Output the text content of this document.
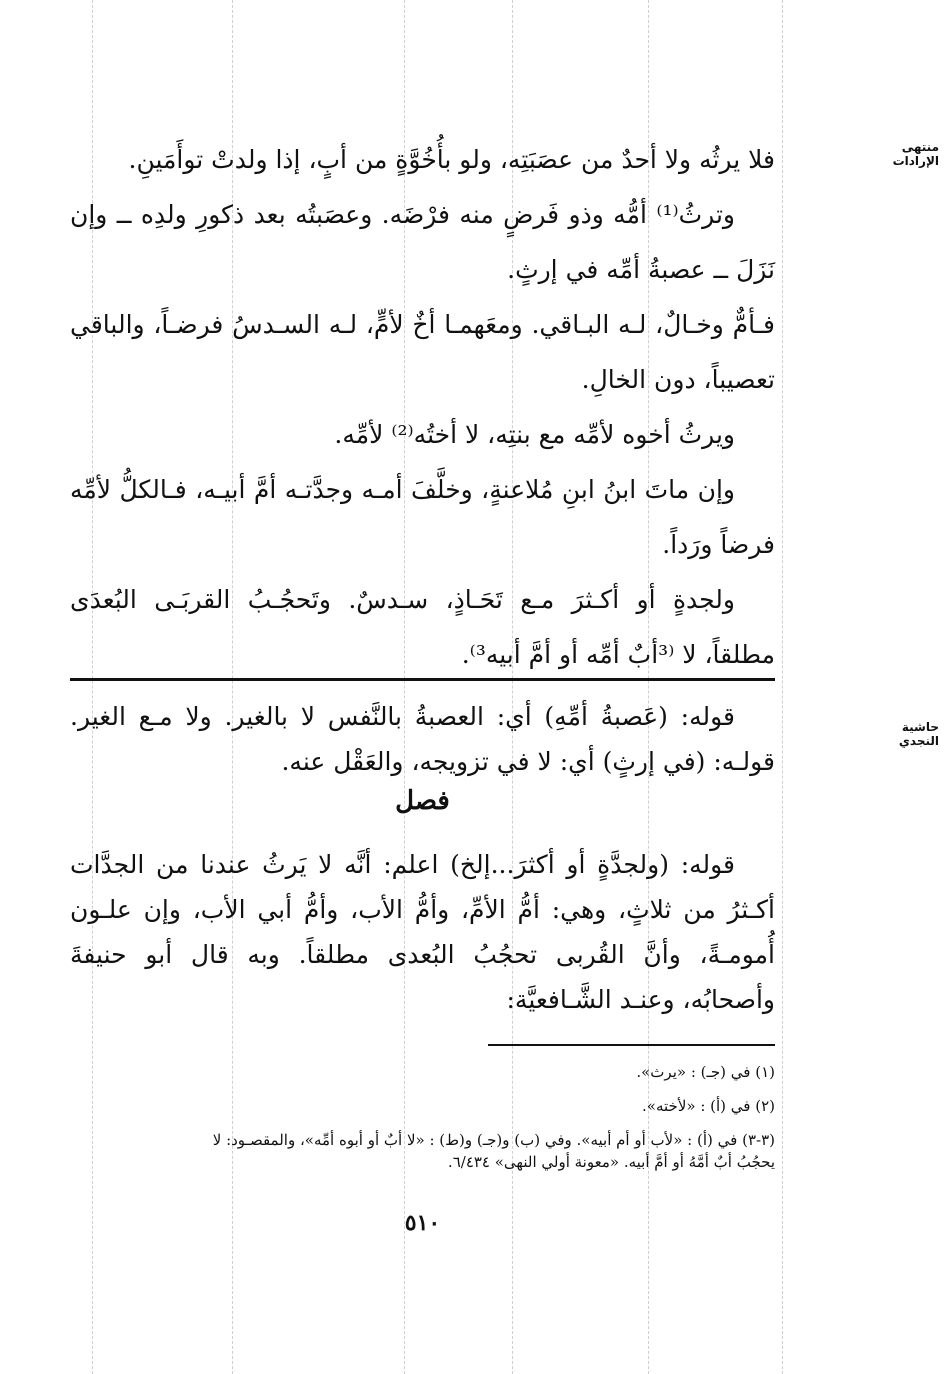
منتهى الإرادات
حاشية النجدي

فلا يرثُه ولا أحدٌ من عصَبَتِه، ولو بأُخُوَّةٍ من أبٍ، إذا ولدتْ توأَمَينِ.

وترثُ⁽¹⁾ أمُّه وذو فَرضٍ منه فرْضَه. وعصَبتُه بعد ذكورِ ولدِه ــ وإن نَزَلَ ــ عصبةُ أمِّه في إرثٍ.

فـأمٌّ وخـالٌ، لـه البـاقي. ومعَهمـا أخٌ لأمٍّ، لـه السـدسُ فرضـاً، والباقي تعصيباً، دون الخالِ.

ويرثُ أخوه لأمِّه مع بنتِه، لا أختُه⁽²⁾ لأمِّه.

وإن ماتَ ابنُ ابنِ مُلاعنةٍ، وخلَّفَ أمـه وجدَّتـه أمَّ أبيـه، فـالكلُّ لأمِّه فرضاً ورَداً.

ولجدةٍ أو أكـثرَ مـع تَحَـاذٍ، سـدسٌ. وتَحجُـبُ القربَـى البُعدَى مطلقاً، لا ⁽³أبٌ أمِّه أو أمَّ أبيه³⁾.

قوله: (عَصبةُ أمِّهِ) أي: العصبةُ بالنَّفس لا بالغير. ولا مـع الغير. قولـه: (في إرثٍ) أي: لا في تزويجه، والعَقْل عنه.

فصل

قوله: (ولجدَّةٍ أو أكثرَ...إلخ) اعلم: أنَّه لا يَرثُ عندنا من الجدَّات أكـثرُ من ثلاثٍ، وهي: أمُّ الأمِّ، وأمُّ الأب، وأمُّ أبي الأب، وإن علـون أُمومـةً، وأنَّ القُربى تحجُبُ البُعدى مطلقاً. وبه قال أبو حنيفةَ وأصحابُه، وعنـد الشَّـافعيَّة:

(١) في (جـ) : «يرث».

(٢) في (أ) : «لأخته».

(٣-٣) في (أ) : «لأب أو أم أبيه». وفي (ب) و(جـ) و(ط) : «لا أبٌ أو أبوه أمِّه»، والمقصـود: لا

يحجُبُ أبٌ أمَّهُ أو أمَّ أبيه. «معونة أولي النهى» ٦/٤٣٤.

٥١٠
